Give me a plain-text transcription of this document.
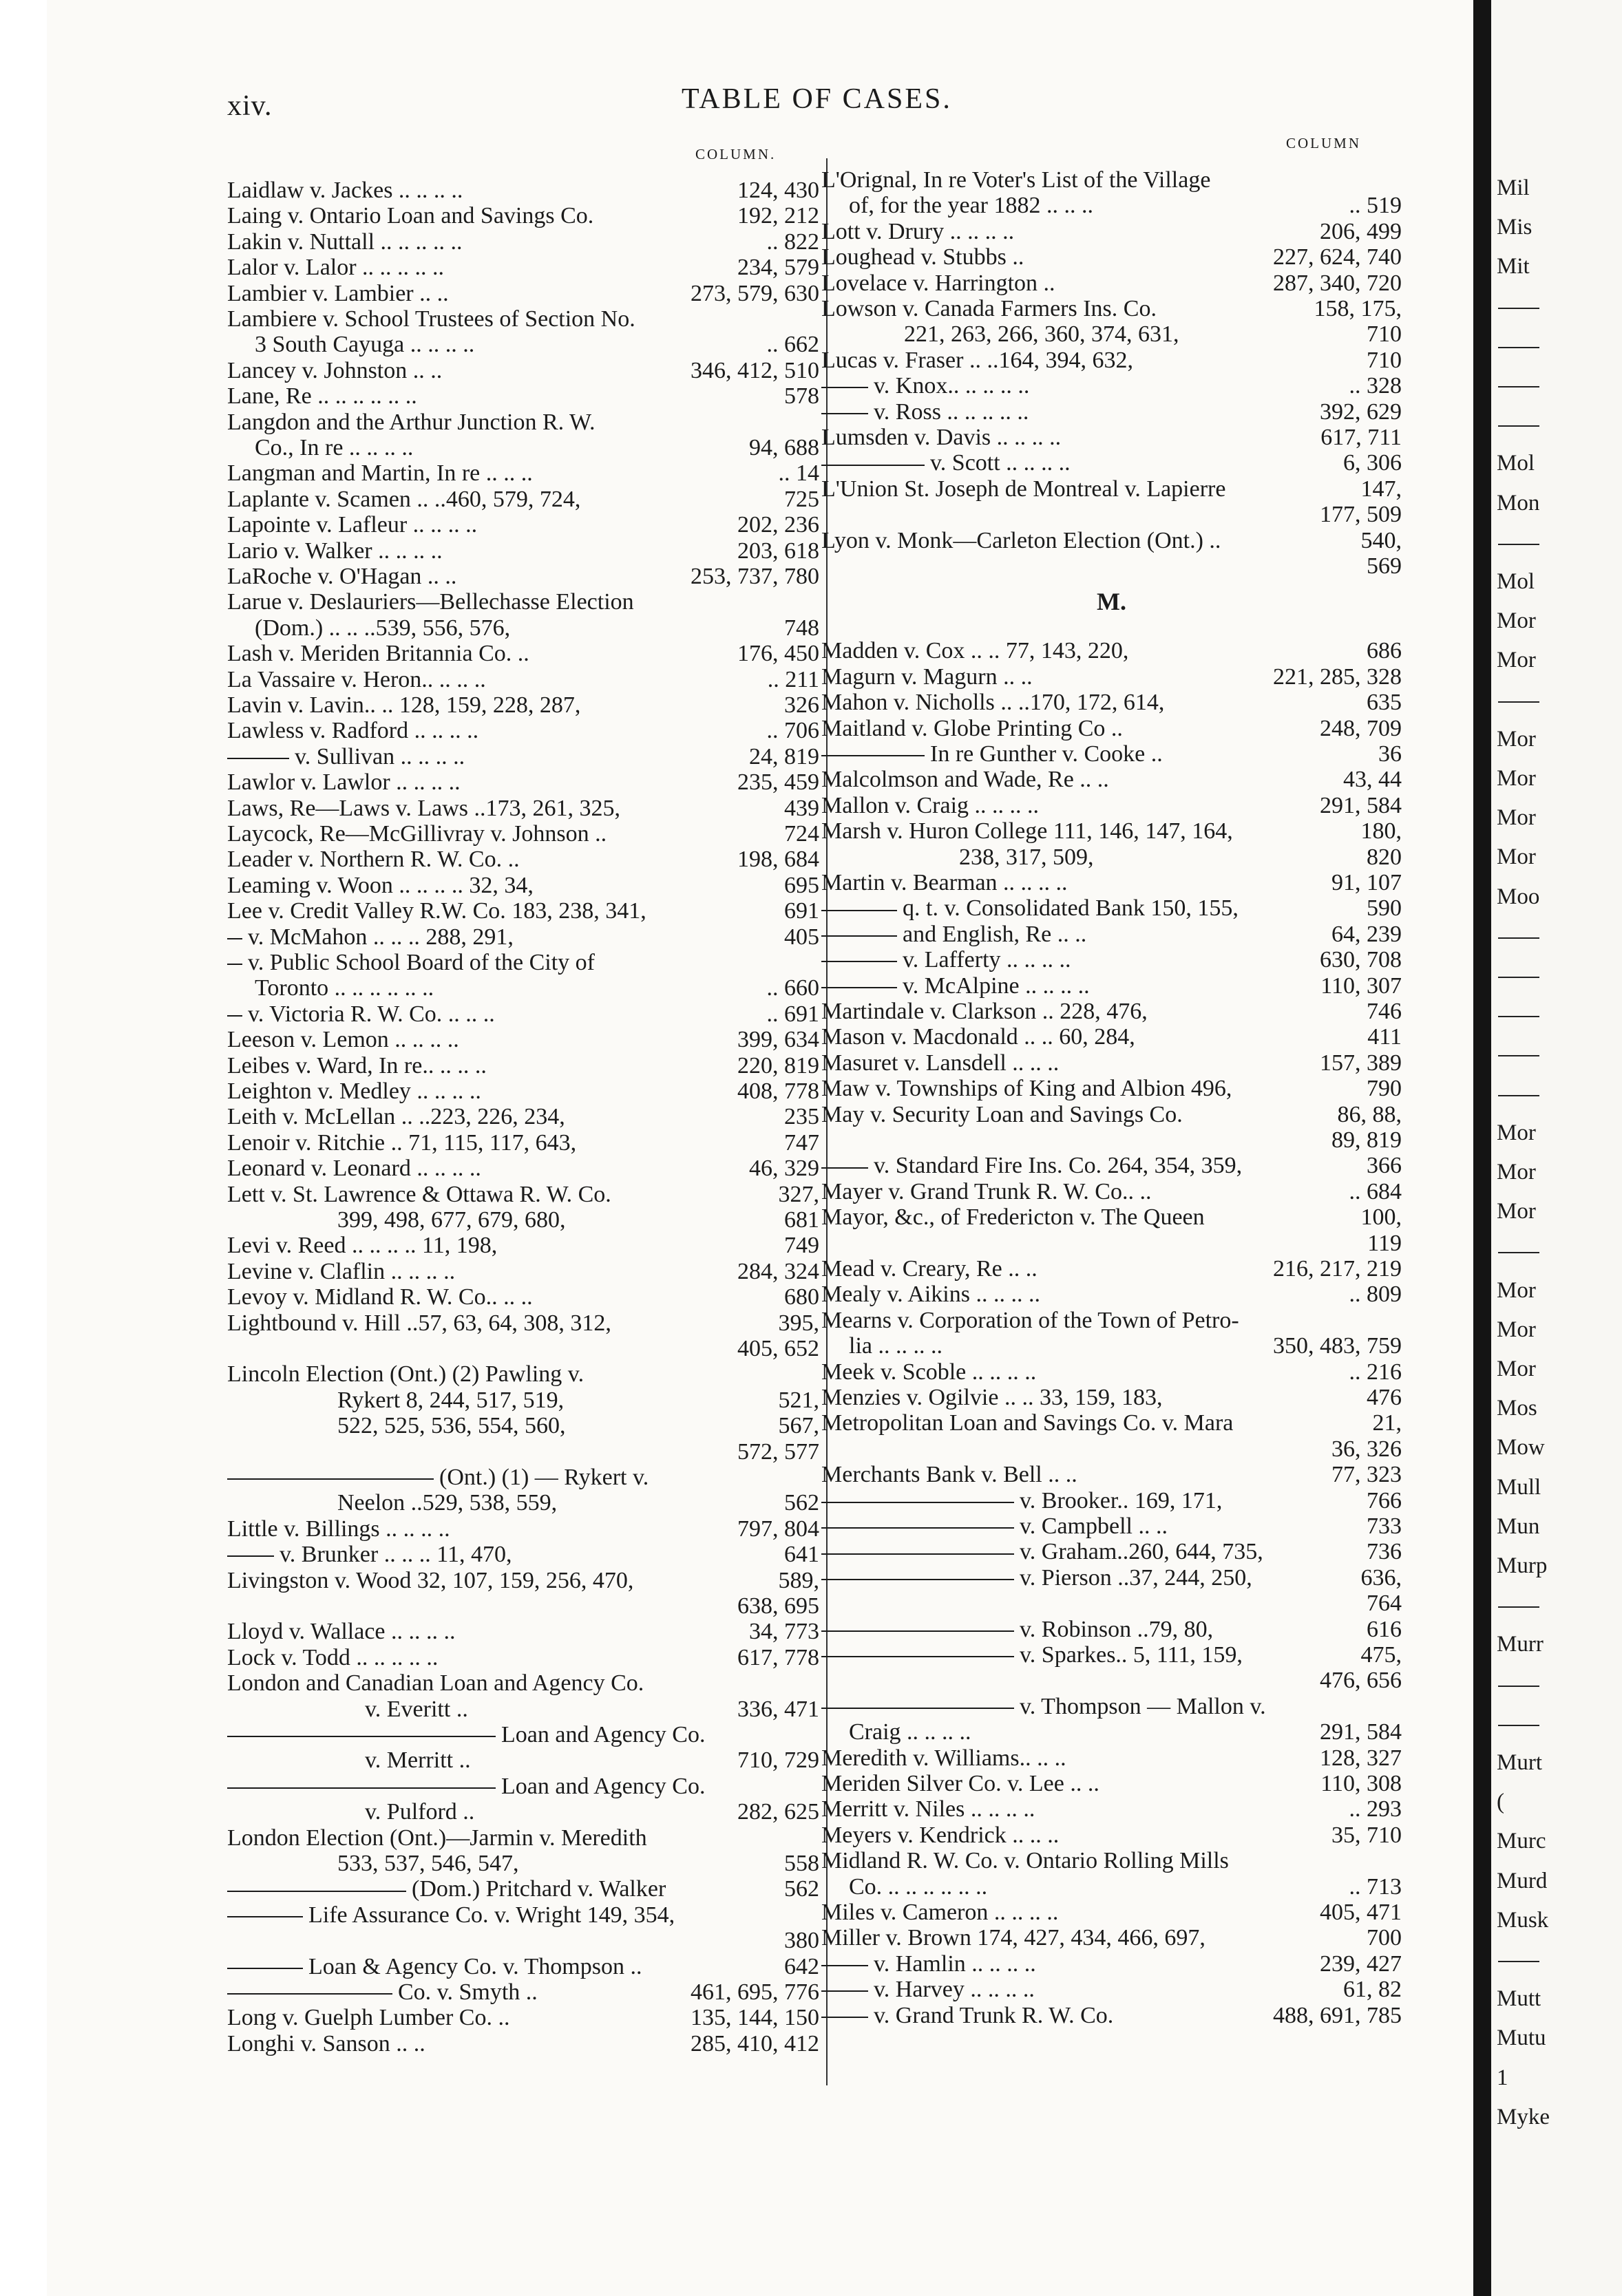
xiv.	TABLE OF CASES.
COLUMN.
COLUMN
Laidlaw v. Jackes .. .. .. ..	124, 430
Laing v. Ontario Loan and Savings Co.	192, 212
Lakin v. Nuttall .. .. .. .. ..	.. 822
Lalor v. Lalor .. .. .. .. ..	234, 579
Lambier v. Lambier .. ..	273, 579, 630
Lambiere v. School Trustees of Section No.
3 South Cayuga .. .. .. ..	.. 662
Lancey v. Johnston .. ..	346, 412, 510
Lane, Re .. .. .. .. .. ..	578
Langdon and the Arthur Junction R. W.
Co., In re .. .. .. ..	94, 688
Langman and Martin, In re .. .. ..	.. 14
Laplante v. Scamen .. ..460, 579, 724,	725
Lapointe v. Lafleur .. .. .. ..	202, 236
Lario v. Walker .. .. .. ..	203, 618
LaRoche v. O'Hagan .. ..	253, 737, 780
Larue v. Deslauriers—Bellechasse Election
(Dom.) .. .. ..539, 556, 576,	748
Lash v. Meriden Britannia Co. ..	176, 450
La Vassaire v. Heron.. .. .. ..	.. 211
Lavin v. Lavin.. .. 128, 159, 228, 287,	326
Lawless v. Radford .. .. .. ..	.. 706
v. Sullivan .. .. .. ..	24, 819
Lawlor v. Lawlor .. .. .. ..	235, 459
Laws, Re—Laws v. Laws ..173, 261, 325,	439
Laycock, Re—McGillivray v. Johnson ..	724
Leader v. Northern R. W. Co. ..	198, 684
Leaming v. Woon .. .. .. .. 32, 34,	695
Lee v. Credit Valley R.W. Co. 183, 238, 341,	691
v. McMahon .. .. .. 288, 291,	405
v. Public School Board of the City of
Toronto .. .. .. .. .. ..	.. 660
v. Victoria R. W. Co. .. .. ..	.. 691
Leeson v. Lemon .. .. .. ..	399, 634
Leibes v. Ward, In re.. .. .. ..	220, 819
Leighton v. Medley .. .. .. ..	408, 778
Leith v. McLellan .. ..223, 226, 234,	235
Lenoir v. Ritchie .. 71, 115, 117, 643,	747
Leonard v. Leonard .. .. .. ..	46, 329
Lett v. St. Lawrence & Ottawa R. W. Co.	327,
399, 498, 677, 679, 680,	681
Levi v. Reed .. .. .. .. 11, 198,	749
Levine v. Claflin .. .. .. ..	284, 324
Levoy v. Midland R. W. Co.. .. ..	680
Lightbound v. Hill ..57, 63, 64, 308, 312,	395,
405, 652
Lincoln Election (Ont.) (2) Pawling v.
Rykert 8, 244, 517, 519,	521,
522, 525, 536, 554, 560,	567,
572, 577
(Ont.) (1) — Rykert v.
Neelon ..529, 538, 559,	562
Little v. Billings .. .. .. ..	797, 804
v. Brunker .. .. .. 11, 470,	641
Livingston v. Wood 32, 107, 159, 256, 470,	589,
638, 695
Lloyd v. Wallace .. .. .. ..	34, 773
Lock v. Todd .. .. .. .. ..	617, 778
London and Canadian Loan and Agency Co.
v. Everitt ..	336, 471
Loan and Agency Co.
v. Merritt ..	710, 729
Loan and Agency Co.
v. Pulford ..	282, 625
London Election (Ont.)—Jarmin v. Meredith
533, 537, 546, 547,	558
(Dom.) Pritchard v. Walker	562
Life Assurance Co. v. Wright 149, 354,
380
Loan & Agency Co. v. Thompson ..	642
Co. v. Smyth ..	461, 695, 776
Long v. Guelph Lumber Co. ..	135, 144, 150
Longhi v. Sanson .. ..	285, 410, 412
L'Orignal, In re Voter's List of the Village
of, for the year 1882 .. .. ..	.. 519
Lott v. Drury .. .. .. ..	206, 499
Loughead v. Stubbs ..	227, 624, 740
Lovelace v. Harrington ..	287, 340, 720
Lowson v. Canada Farmers Ins. Co.	158, 175,
221, 263, 266, 360, 374, 631,	710
Lucas v. Fraser .. ..164, 394, 632,	710
v. Knox.. .. .. .. ..	.. 328
v. Ross .. .. .. .. ..	392, 629
Lumsden v. Davis .. .. .. ..	617, 711
v. Scott .. .. .. ..	6, 306
L'Union St. Joseph de Montreal v. Lapierre	147,
177, 509
Lyon v. Monk—Carleton Election (Ont.) ..	540,
569
M.
Madden v. Cox .. .. 77, 143, 220,	686
Magurn v. Magurn .. ..	221, 285, 328
Mahon v. Nicholls .. ..170, 172, 614,	635
Maitland v. Globe Printing Co ..	248, 709
In re Gunther v. Cooke ..	36
Malcolmson and Wade, Re .. ..	43, 44
Mallon v. Craig .. .. .. ..	291, 584
Marsh v. Huron College 111, 146, 147, 164,	180,
238, 317, 509,	820
Martin v. Bearman .. .. .. ..	91, 107
q. t. v. Consolidated Bank 150, 155,	590
and English, Re .. ..	64, 239
v. Lafferty .. .. .. ..	630, 708
v. McAlpine .. .. .. ..	110, 307
Martindale v. Clarkson .. 228, 476,	746
Mason v. Macdonald .. .. 60, 284,	411
Masuret v. Lansdell .. .. ..	157, 389
Maw v. Townships of King and Albion 496,	790
May v. Security Loan and Savings Co.	86, 88,
89, 819
v. Standard Fire Ins. Co. 264, 354, 359,	366
Mayer v. Grand Trunk R. W. Co.. ..	.. 684
Mayor, &c., of Fredericton v. The Queen	100,
119
Mead v. Creary, Re .. ..	216, 217, 219
Mealy v. Aikins .. .. .. ..	.. 809
Mearns v. Corporation of the Town of Petro-
lia .. .. .. ..	350, 483, 759
Meek v. Scoble .. .. .. ..	.. 216
Menzies v. Ogilvie .. .. 33, 159, 183,	476
Metropolitan Loan and Savings Co. v. Mara	21,
36, 326
Merchants Bank v. Bell .. ..	77, 323
v. Brooker.. 169, 171,	766
v. Campbell .. ..	733
v. Graham..260, 644, 735,	736
v. Pierson ..37, 244, 250,	636,
764
v. Robinson ..79, 80,	616
v. Sparkes.. 5, 111, 159,	475,
476, 656
v. Thompson — Mallon v.
Craig .. .. .. ..	291, 584
Meredith v. Williams.. .. ..	128, 327
Meriden Silver Co. v. Lee .. ..	110, 308
Merritt v. Niles .. .. .. ..	.. 293
Meyers v. Kendrick .. .. ..	35, 710
Midland R. W. Co. v. Ontario Rolling Mills
Co. .. .. .. .. .. ..	.. 713
Miles v. Cameron .. .. .. ..	405, 471
Miller v. Brown 174, 427, 434, 466, 697,	700
v. Hamlin .. .. .. ..	239, 427
v. Harvey .. .. .. ..	61, 82
v. Grand Trunk R. W. Co.	488, 691, 785
Mil
Mis
Mit
Mol
Mon
Mol
Mor
Mor
Mor
Mor
Mor
Mor
Moo
Mor
Mor
Mor
Mor
Mor
Mor
Mos
Mow
Mull
Mun
Murp
Murr
Murt
(
Murc
Murd
Musk
Mutt
Mutu
1
Myke
